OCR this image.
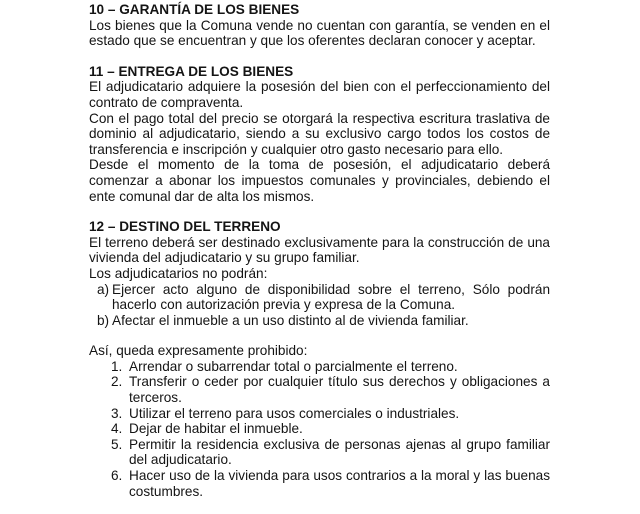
10 – GARANTÍA DE LOS BIENES

Los bienes que la Comuna vende no cuentan con garantía, se venden en el estado que se encuentran y que los oferentes declaran conocer y aceptar.

11 – ENTREGA DE LOS BIENES

El adjudicatario adquiere la posesión del bien con el perfeccionamiento del contrato de compraventa.

Con el pago total del precio se otorgará la respectiva escritura traslativa de dominio al adjudicatario, siendo a su exclusivo cargo todos los costos de transferencia e inscripción y cualquier otro gasto necesario para ello.

Desde el momento de la toma de posesión, el adjudicatario deberá comenzar a abonar los impuestos comunales y provinciales, debiendo el ente comunal dar de alta los mismos.

12 – DESTINO DEL TERRENO

El terreno deberá ser destinado exclusivamente para la construcción de una vivienda del adjudicatario y su grupo familiar.

Los adjudicatarios no podrán:

a) Ejercer acto alguno de disponibilidad sobre el terreno, Sólo podrán hacerlo con autorización previa y expresa de la Comuna.
b) Afectar el inmueble a un uso distinto al de vivienda familiar.

Así, queda expresamente prohibido:

1. Arrendar o subarrendar total o parcialmente el terreno.
2. Transferir o ceder por cualquier título sus derechos y obligaciones a terceros.
3. Utilizar el terreno para usos comerciales o industriales.
4. Dejar de habitar el inmueble.
5. Permitir la residencia exclusiva de personas ajenas al grupo familiar del adjudicatario.
6. Hacer uso de la vivienda para usos contrarios a la moral y las buenas costumbres.
